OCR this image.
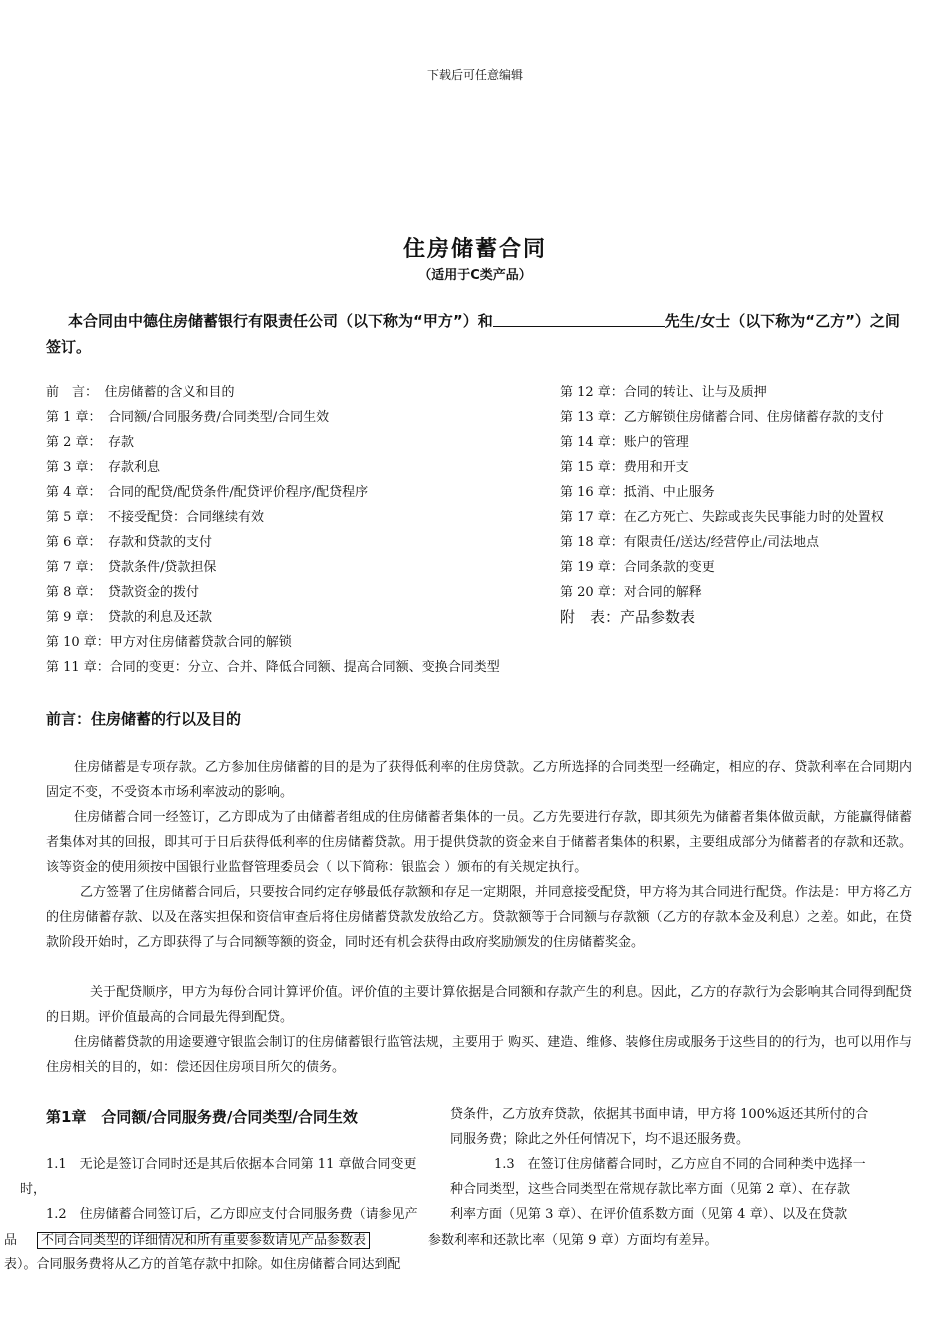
下载后可任意编辑
住房储蓄合同
（适用于C类产品）
本合同由中德住房储蓄银行有限责任公司（以下称为“甲方”）和	先生/女士（以下称为“乙方”）之间签订。
前　言：　住房储蓄的含义和目的
第 1 章：　合同额/合同服务费/合同类型/合同生效
第 2 章：　存款
第 3 章：　存款利息
第 4 章：　合同的配贷/配贷条件/配贷评价程序/配贷程序
第 5 章：　不接受配贷：合同继续有效
第 6 章：　存款和贷款的支付
第 7 章：　贷款条件/贷款担保
第 8 章：　贷款资金的拨付
第 9 章：　贷款的利息及还款
第 10 章：甲方对住房储蓄贷款合同的解锁
第 11 章：合同的变更：分立、合并、降低合同额、提高合同额、变换合同类型
第 12 章：合同的转让、让与及质押
第 13 章：乙方解锁住房储蓄合同、住房储蓄存款的支付
第 14 章：账户的管理
第 15 章：费用和开支
第 16 章：抵消、中止服务
第 17 章：在乙方死亡、失踪或丧失民事能力时的处置权
第 18 章：有限责任/送达/经营停止/司法地点
第 19 章：合同条款的变更
第 20 章：对合同的解释
附　表：产品参数表
前言：住房储蓄的行以及目的
住房储蓄是专项存款。乙方参加住房储蓄的目的是为了获得低利率的住房贷款。乙方所选择的合同类型一经确定，相应的存、贷款利率在合同期内固定不变，不受资本市场利率波动的影响。
住房储蓄合同一经签订，乙方即成为了由储蓄者组成的住房储蓄者集体的一员。乙方先要进行存款，即其须先为储蓄者集体做贡献，方能赢得储蓄者集体对其的回报，即其可于日后获得低利率的住房储蓄贷款。用于提供贷款的资金来自于储蓄者集体的积累，主要组成部分为储蓄者的存款和还款。该等资金的使用须按中国银行业监督管理委员会（ 以下简称：银监会 ）颁布的有关规定执行。
乙方签署了住房储蓄合同后，只要按合同约定存够最低存款额和存足一定期限，并同意接受配贷，甲方将为其合同进行配贷。作法是：甲方将乙方的住房储蓄存款、以及在落实担保和资信审查后将住房储蓄贷款发放给乙方。贷款额等于合同额与存款额（乙方的存款本金及利息）之差。如此，在贷款阶段开始时，乙方即获得了与合同额等额的资金，同时还有机会获得由政府奖励颁发的住房储蓄奖金。
关于配贷顺序，甲方为每份合同计算评价值。评价值的主要计算依据是合同额和存款产生的利息。因此，乙方的存款行为会影响其合同得到配贷的日期。评价值最高的合同最先得到配贷。
住房储蓄贷款的用途要遵守银监会制订的住房储蓄银行监管法规，主要用于 购买、建造、维修、装修住房或服务于这些目的的行为，也可以用作与住房相关的目的，如：偿还因住房项目所欠的债务。
第1章　合同额/合同服务费/合同类型/合同生效
1.1　无论是签订合同时还是其后依据本合同第 11 章做合同变更
时，
1.2　住房储蓄合同签订后，乙方即应支付合同服务费（请参见产
品 不同合同类型的详细情况和所有重要参数请见产品参数表
表）。合同服务费将从乙方的首笔存款中扣除。如住房储蓄合同达到配
贷条件，乙方放弃贷款，依据其书面申请，甲方将 100%返还其所付的合
同服务费；除此之外任何情况下，均不退还服务费。
1.3　在签订住房储蓄合同时，乙方应自不同的合同种类中选择一
种合同类型，这些合同类型在常规存款比率方面（见第 2 章）、在存款
利率方面（见第 3 章）、在评价值系数方面（见第 4 章）、以及在贷款
参数利率和还款比率（见第 9 章）方面均有差异。
